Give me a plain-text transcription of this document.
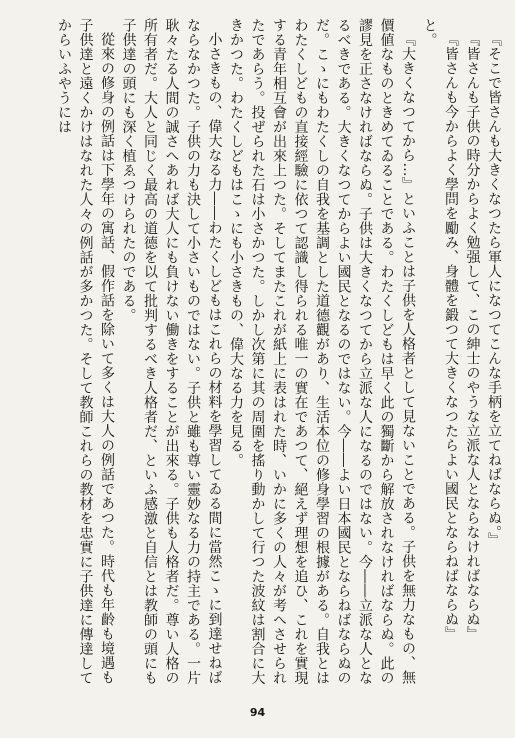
『そこで皆さんも大きくなつたら軍人になつてこんな手柄を立てねばならぬ。』

『皆さんも子供の時分からよく勉强して、この紳士のやうな立派な人とならなければならぬ』

『皆さんも今からよく學問を勵み、身體を鍛つて大きくなつたらよい國民とならねばならぬ』

と。

『大きくなつてから…』といふことは子供を人格者として見ないことである。子供を無力なもの、無價値なものときめてゐることである。わたくしどもは早く此の獨斷から解放されなければならぬ。此の謬見を正さなければならぬ。子供は大きくなつてから立派な人になるのではない。今――立派な人となるべきである。大きくなつてからよい國民となるのではない。今――よい日本國民とならねばならぬのだ。こゝにもわたくしの自我を基調とした道德觀があり、生活本位の修身學習の根據がある。自我とはわたくしどもの直接經驗に依つて認識し得られる唯一の實在であつて、絕えず理想を追ひ、これを實現する青年相互會が出來上つた。そしてまたこれが紙上に表はれた時、いかに多くの人々が考へさせられたであらう。投ぜられた石は小さかつた。しかし次第に其の周圍を搖り動かして行つた波紋は割合に大きかつた。わたくしどもはこゝにも小さきもの、偉大なる力を見る。

小さきもの、偉大なる力――わたくしどもはこれらの材料を學習してゐる間に當然こゝに到達せねばならなかつた。子供の力も決して小さいものではない。子供と雖も尊い靈妙なる力の持主である。一片耿々たる人間の誠さへあれば大人にも負けない働きをすることが出來る。子供も人格者だ。尊い人格の所有者だ。大人と同じく最高の道德を以て批判するべき人格者だ、といふ感激と自信とは教師の頭にも子供達の頭にも深く植ゑつけられたのである。

從來の修身の例話は下學年の寓話、假作話を除いて多くは大人の例話であつた。時代も年齡も境遇も子供達と遠くかけはなれた人々の例話が多かつた。そして教師これらの教材を忠實に子供達に傳達してからいふやうには

94
